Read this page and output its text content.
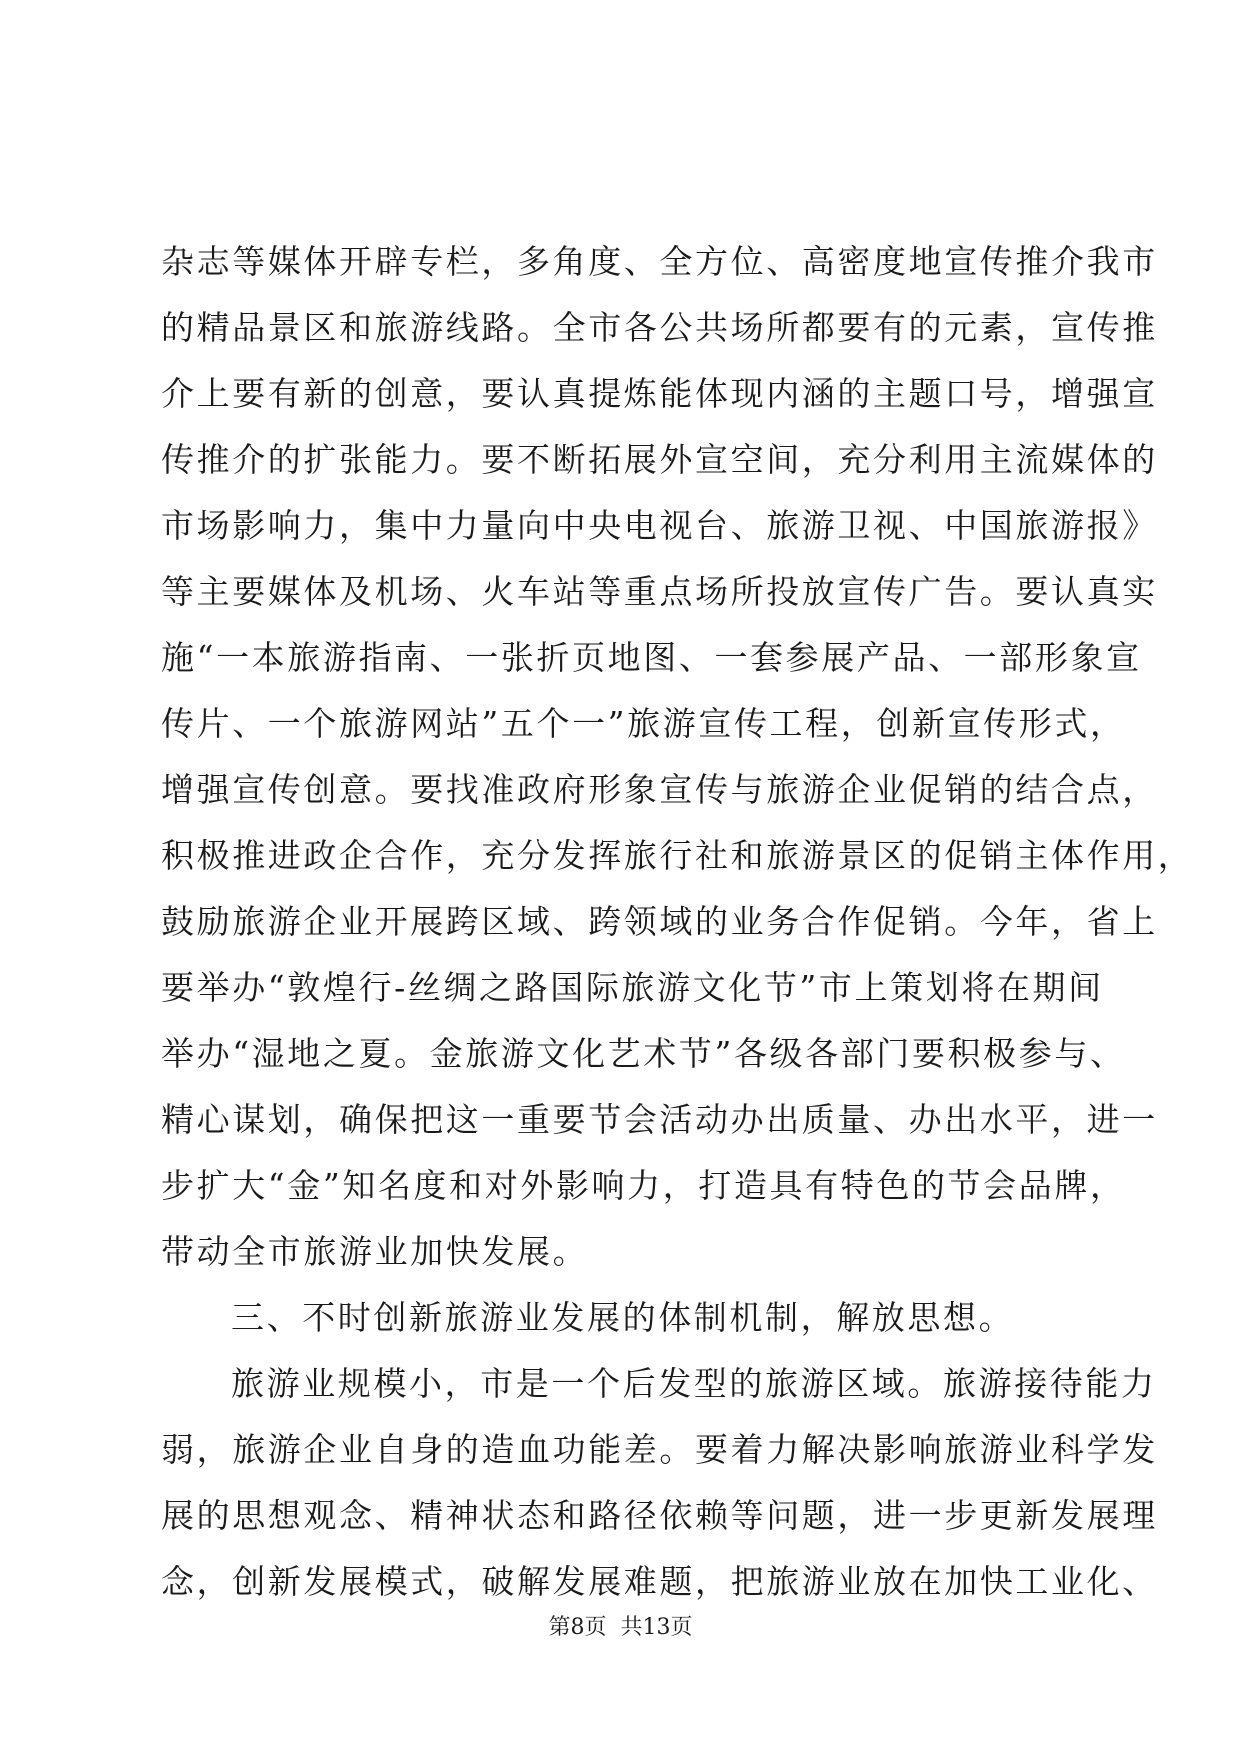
杂志等媒体开辟专栏，多角度、全方位、高密度地宣传推介我市
的精品景区和旅游线路。全市各公共场所都要有的元素，宣传推
介上要有新的创意，要认真提炼能体现内涵的主题口号，增强宣
传推介的扩张能力。要不断拓展外宣空间，充分利用主流媒体的
市场影响力，集中力量向中央电视台、旅游卫视、中国旅游报》
等主要媒体及机场、火车站等重点场所投放宣传广告。要认真实
施“一本旅游指南、一张折页地图、一套参展产品、一部形象宣
传片、一个旅游网站”五个一”旅游宣传工程，创新宣传形式，
增强宣传创意。要找准政府形象宣传与旅游企业促销的结合点，
积极推进政企合作，充分发挥旅行社和旅游景区的促销主体作用，
鼓励旅游企业开展跨区域、跨领域的业务合作促销。今年，省上
要举办“敦煌行-丝绸之路国际旅游文化节”市上策划将在期间
举办“湿地之夏。金旅游文化艺术节”各级各部门要积极参与、
精心谋划，确保把这一重要节会活动办出质量、办出水平，进一
步扩大“金”知名度和对外影响力，打造具有特色的节会品牌，
带动全市旅游业加快发展。
三、不时创新旅游业发展的体制机制，解放思想。
旅游业规模小，市是一个后发型的旅游区域。旅游接待能力
弱，旅游企业自身的造血功能差。要着力解决影响旅游业科学发
展的思想观念、精神状态和路径依赖等问题，进一步更新发展理
念，创新发展模式，破解发展难题，把旅游业放在加快工业化、
第8页 共13页
